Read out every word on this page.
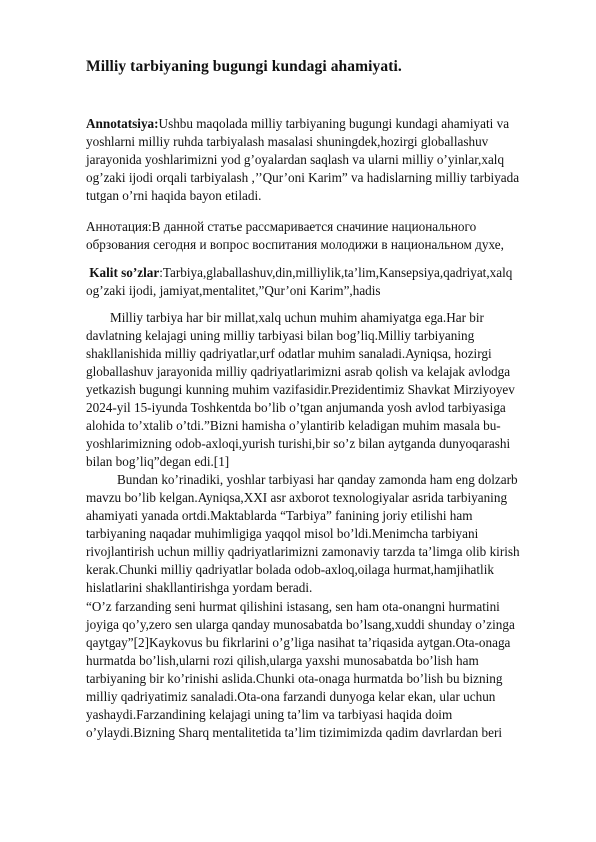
Milliy tarbiyaning bugungi kundagi ahamiyati.
Annotatsiya:Ushbu maqolada milliy tarbiyaning bugungi kundagi ahamiyati va
yoshlarni milliy ruhda tarbiyalash masalasi shuningdek,hozirgi globallashuv
jarayonida yoshlarimizni yod g’oyalardan saqlash va ularni milliy o’yinlar,xalq
og’zaki ijodi orqali tarbiyalash ,’’Qur’oni Karim” va hadislarning milliy tarbiyada
tutgan o’rni haqida bayon etiladi.
Аннотация:В данной статье рассмаривается сначиние национального
обрзования сегодня и вопрос воспитания молодижи в национальном духе,
Kalit so’zlar:Tarbiya,glaballashuv,din,milliylik,ta’lim,Kansepsiya,qadriyat,xalq
og’zaki ijodi, jamiyat,mentalitet,”Qur’oni Karim”,hadis
Milliy tarbiya har bir millat,xalq uchun muhim ahamiyatga ega.Har bir
davlatning kelajagi uning milliy tarbiyasi bilan bog’liq.Milliy tarbiyaning
shakllanishida milliy qadriyatlar,urf odatlar muhim sanaladi.Ayniqsa, hozirgi
globallashuv jarayonida milliy qadriyatlarimizni asrab qolish va kelajak avlodga
yetkazish bugungi kunning muhim vazifasidir.Prezidentimiz Shavkat Mirziyoyev
2024-yil 15-iyunda Toshkentda bo’lib o’tgan anjumanda yosh avlod tarbiyasiga
alohida to’xtalib o’tdi.”Bizni hamisha o’ylantirib keladigan muhim masala bu-
yoshlarimizning odob-axloqi,yurish turishi,bir so’z bilan aytganda dunyoqarashi
bilan bog’liq”degan edi.[1]
Bundan ko’rinadiki, yoshlar tarbiyasi har qanday zamonda ham eng dolzarb
mavzu bo’lib kelgan.Ayniqsa,XXI asr axborot texnologiyalar asrida tarbiyaning
ahamiyati yanada ortdi.Maktablarda “Tarbiya” fanining joriy etilishi ham
tarbiyaning naqadar muhimligiga yaqqol misol bo’ldi.Menimcha tarbiyani
rivojlantirish uchun milliy qadriyatlarimizni zamonaviy tarzda ta’limga olib kirish
kerak.Chunki milliy qadriyatlar bolada odob-axloq,oilaga hurmat,hamjihatlik
hislatlarini shakllantirishga yordam beradi.
“O’z farzanding seni hurmat qilishini istasang, sen ham ota-onangni hurmatini
joyiga qo’y,zero sen ularga qanday munosabatda bo’lsang,xuddi shunday o’zinga
qaytgay”[2]Kaykovus bu fikrlarini o’g’liga nasihat ta’riqasida aytgan.Ota-onaga
hurmatda bo’lish,ularni rozi qilish,ularga yaxshi munosabatda bo’lish ham
tarbiyaning bir ko’rinishi aslida.Chunki ota-onaga hurmatda bo’lish bu bizning
milliy qadriyatimiz sanaladi.Ota-ona farzandi dunyoga kelar ekan, ular uchun
yashaydi.Farzandining kelajagi uning ta’lim va tarbiyasi haqida doim
o’ylaydi.Bizning Sharq mentalitetida ta’lim tizimimizda qadim davrlardan beri
